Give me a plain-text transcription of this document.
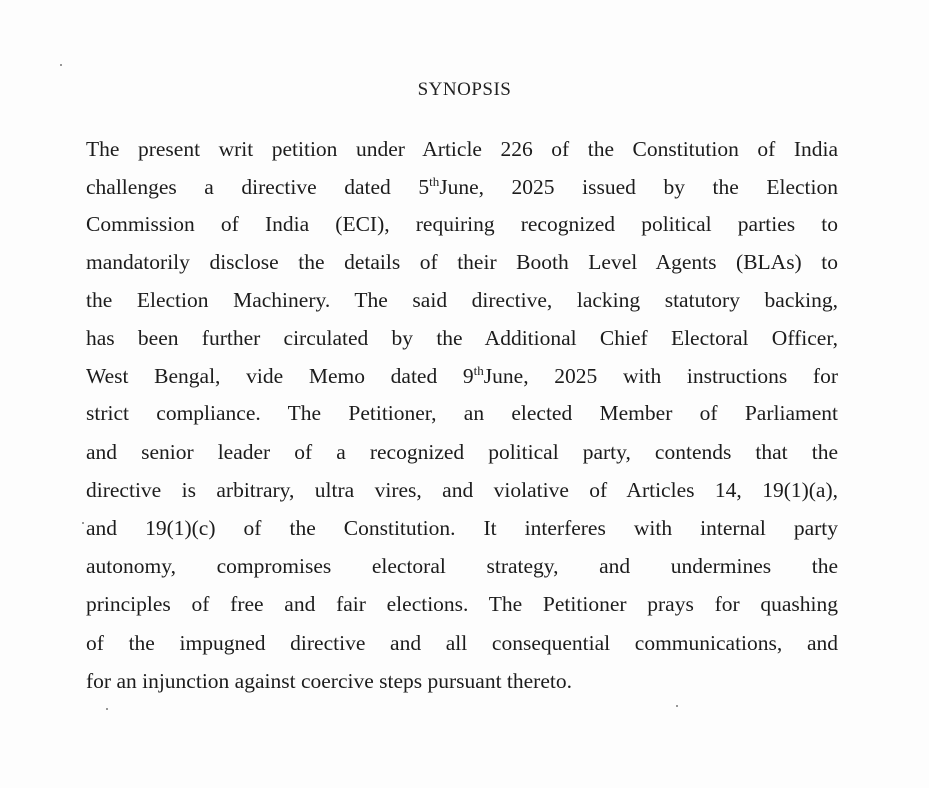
SYNOPSIS
The present writ petition under Article 226 of the Constitution of India
challenges a directive dated 5thJune, 2025 issued by the Election
Commission of India (ECI), requiring recognized political parties to
mandatorily disclose the details of their Booth Level Agents (BLAs) to
the Election Machinery. The said directive, lacking statutory backing,
has been further circulated by the Additional Chief Electoral Officer,
West Bengal, vide Memo dated 9thJune, 2025 with instructions for
strict compliance. The Petitioner, an elected Member of Parliament
and senior leader of a recognized political party, contends that the
directive is arbitrary, ultra vires, and violative of Articles 14, 19(1)(a),
and 19(1)(c) of the Constitution. It interferes with internal party
autonomy, compromises electoral strategy, and undermines the
principles of free and fair elections. The Petitioner prays for quashing
of the impugned directive and all consequential communications, and
for an injunction against coercive steps pursuant thereto.
